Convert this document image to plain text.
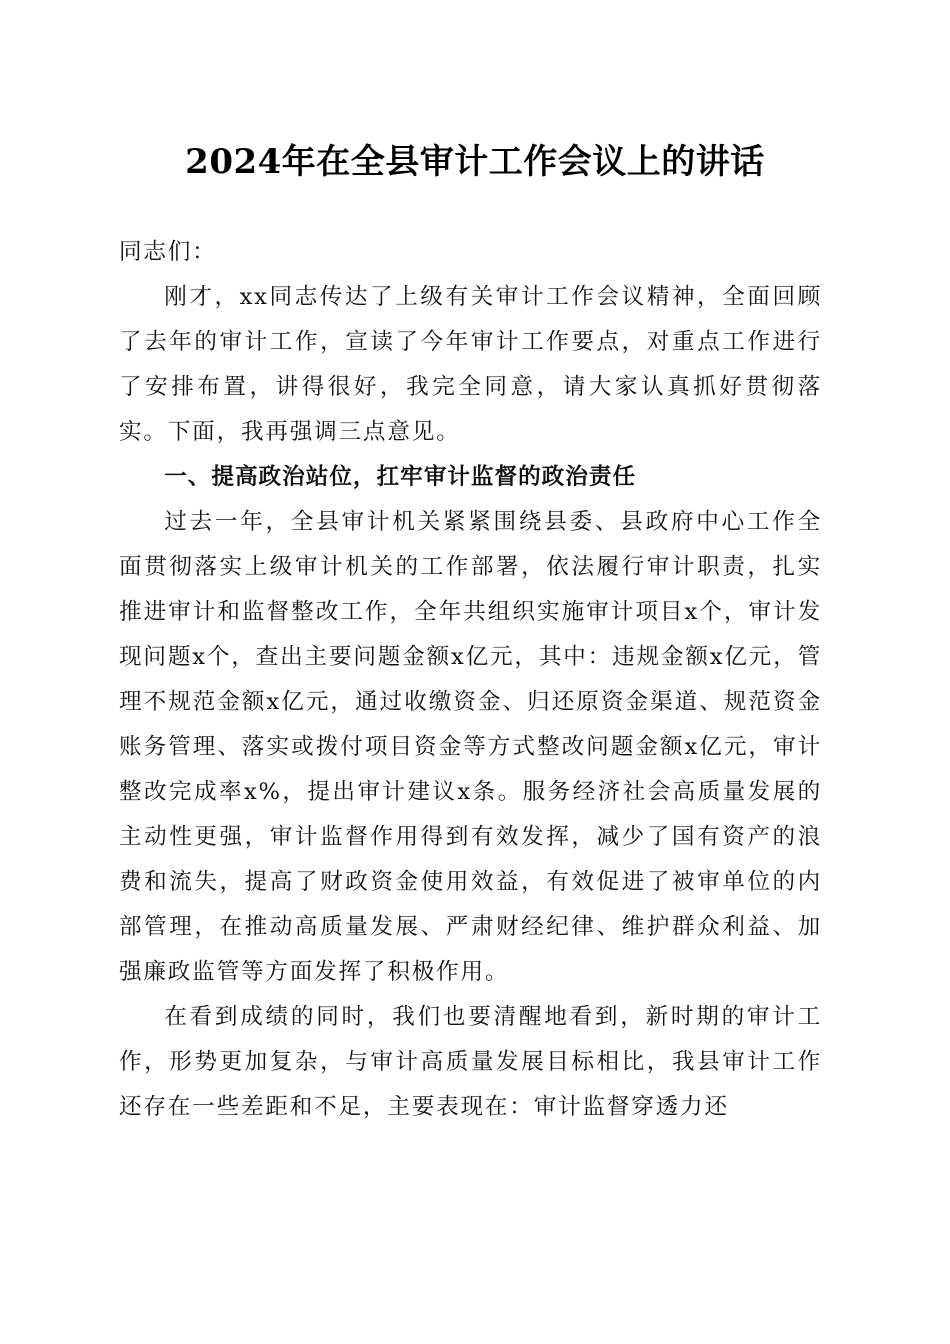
2024年在全县审计工作会议上的讲话

同志们：

刚才，xx同志传达了上级有关审计工作会议精神，全面回顾了去年的审计工作，宣读了今年审计工作要点，对重点工作进行了安排布置，讲得很好，我完全同意，请大家认真抓好贯彻落实。下面，我再强调三点意见。

一、提高政治站位，扛牢审计监督的政治责任

过去一年，全县审计机关紧紧围绕县委、县政府中心工作全面贯彻落实上级审计机关的工作部署，依法履行审计职责，扎实推进审计和监督整改工作，全年共组织实施审计项目x个，审计发现问题x个，查出主要问题金额x亿元，其中：违规金额x亿元，管理不规范金额x亿元，通过收缴资金、归还原资金渠道、规范资金账务管理、落实或拨付项目资金等方式整改问题金额x亿元，审计整改完成率x%，提出审计建议x条。服务经济社会高质量发展的主动性更强，审计监督作用得到有效发挥，减少了国有资产的浪费和流失，提高了财政资金使用效益，有效促进了被审单位的内部管理，在推动高质量发展、严肃财经纪律、维护群众利益、加强廉政监管等方面发挥了积极作用。

在看到成绩的同时，我们也要清醒地看到，新时期的审计工作，形势更加复杂，与审计高质量发展目标相比，我县审计工作还存在一些差距和不足，主要表现在：审计监督穿透力还
